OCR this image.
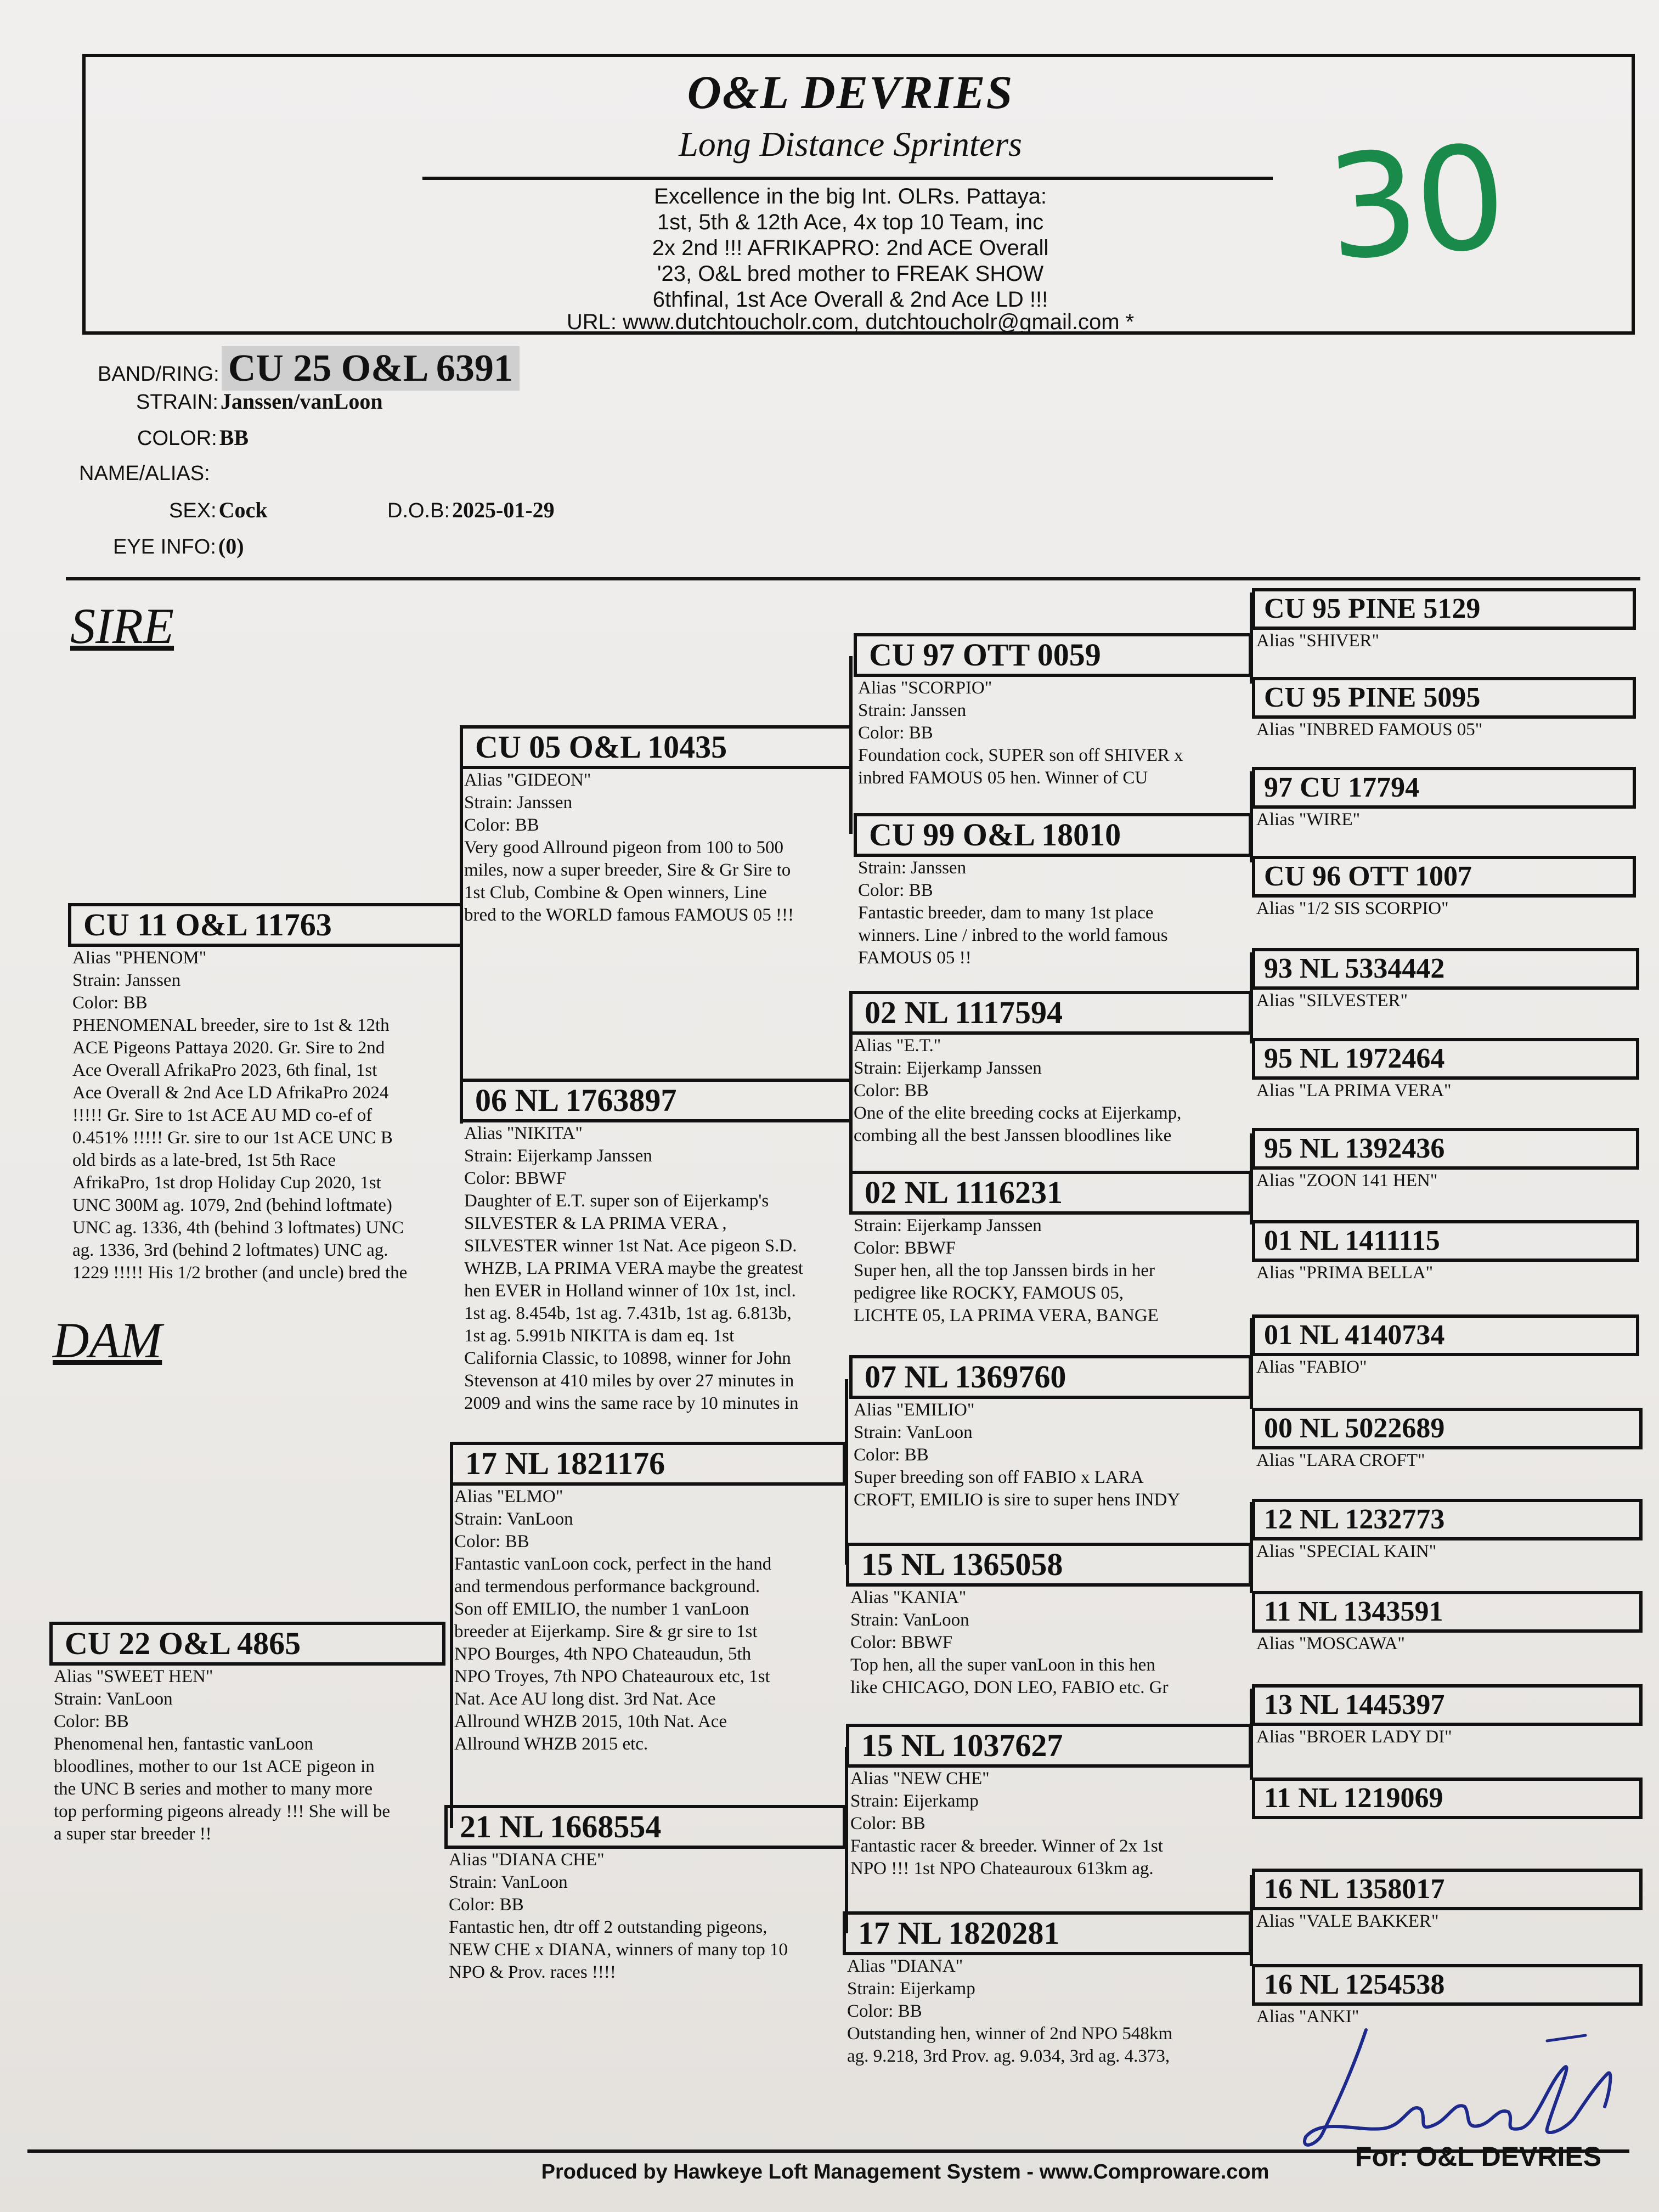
O&L DEVRIES
Long Distance Sprinters
Excellence in the big Int. OLRs. Pattaya:
1st, 5th & 12th Ace, 4x top 10 Team, inc
2x 2nd !!! AFRIKAPRO: 2nd ACE Overall
'23, O&L bred mother to FREAK SHOW
6thfinal, 1st Ace Overall & 2nd Ace LD !!!
URL: www.dutchtoucholr.com, dutchtoucholr@gmail.com *
30
BAND/RING: CU 25 O&L 6391
STRAIN: Janssen/vanLoon
COLOR: BB
NAME/ALIAS:
SEX: Cock	D.O.B: 2025-01-29
EYE INFO: (0)
SIRE
DAM
CU 11 O&L 11763
Alias "PHENOM"
Strain: Janssen
Color: BB
PHENOMENAL breeder, sire to 1st & 12th
ACE Pigeons Pattaya 2020. Gr. Sire to 2nd
Ace Overall AfrikaPro 2023, 6th final, 1st
Ace Overall & 2nd Ace LD AfrikaPro 2024
!!!!! Gr. Sire to 1st ACE AU MD co-ef of
0.451% !!!!! Gr. sire to our 1st ACE UNC B
old birds as a late-bred, 1st 5th Race
AfrikaPro, 1st drop Holiday Cup 2020, 1st
UNC 300M ag. 1079, 2nd (behind loftmate)
UNC ag. 1336, 4th (behind 3 loftmates) UNC
ag. 1336, 3rd (behind 2 loftmates) UNC ag.
1229 !!!!! His 1/2 brother (and uncle) bred the
CU 22 O&L 4865
Alias "SWEET HEN"
Strain: VanLoon
Color: BB
Phenomenal hen, fantastic vanLoon
bloodlines, mother to our 1st ACE pigeon in
the UNC B series and mother to many more
top performing pigeons already !!! She will be
a super star breeder !!
CU 05 O&L 10435
Alias "GIDEON"
Strain: Janssen
Color: BB
Very good Allround pigeon from 100 to 500
miles, now a super breeder, Sire & Gr Sire to
1st Club, Combine & Open winners, Line
bred to the WORLD famous FAMOUS 05 !!!
06 NL 1763897
Alias "NIKITA"
Strain: Eijerkamp Janssen
Color: BBWF
Daughter of E.T. super son of Eijerkamp's
SILVESTER & LA PRIMA VERA ,
SILVESTER winner 1st Nat. Ace pigeon S.D.
WHZB, LA PRIMA VERA maybe the greatest
hen EVER in Holland winner of 10x 1st, incl.
1st ag. 8.454b, 1st ag. 7.431b, 1st ag. 6.813b,
1st ag. 5.991b NIKITA is dam eq. 1st
California Classic, to 10898, winner for John
Stevenson at 410 miles by over 27 minutes in
2009 and wins the same race by 10 minutes in
17 NL 1821176
Alias "ELMO"
Strain: VanLoon
Color: BB
Fantastic vanLoon cock, perfect in the hand
and termendous performance background.
Son off EMILIO, the number 1 vanLoon
breeder at Eijerkamp. Sire & gr sire to 1st
NPO Bourges, 4th NPO Chateaudun, 5th
NPO Troyes, 7th NPO Chateauroux etc, 1st
Nat. Ace AU long dist. 3rd Nat. Ace
Allround WHZB 2015, 10th Nat. Ace
Allround WHZB 2015 etc.
21 NL 1668554
Alias "DIANA CHE"
Strain: VanLoon
Color: BB
Fantastic hen, dtr off 2 outstanding pigeons,
NEW CHE x DIANA, winners of many top 10
NPO & Prov. races !!!!
CU 97 OTT 0059
Alias "SCORPIO"
Strain: Janssen
Color: BB
Foundation cock, SUPER son off SHIVER x
inbred FAMOUS 05 hen. Winner of CU
CU 99 O&L 18010
Strain: Janssen
Color: BB
Fantastic breeder, dam to many 1st place
winners. Line / inbred to the world famous
FAMOUS 05 !!
02 NL 1117594
Alias "E.T."
Strain: Eijerkamp Janssen
Color: BB
One of the elite breeding cocks at Eijerkamp,
combing all the best Janssen bloodlines like
02 NL 1116231
Strain: Eijerkamp Janssen
Color: BBWF
Super hen, all the top Janssen birds in her
pedigree like ROCKY, FAMOUS 05,
LICHTE 05, LA PRIMA VERA, BANGE
07 NL 1369760
Alias "EMILIO"
Strain: VanLoon
Color: BB
Super breeding son off FABIO x LARA
CROFT, EMILIO is sire to super hens INDY
15 NL 1365058
Alias "KANIA"
Strain: VanLoon
Color: BBWF
Top hen, all the super vanLoon in this hen
like CHICAGO, DON LEO, FABIO etc. Gr
15 NL 1037627
Alias "NEW CHE"
Strain: Eijerkamp
Color: BB
Fantastic racer & breeder. Winner of 2x 1st
NPO !!! 1st NPO Chateauroux 613km ag.
17 NL 1820281
Alias "DIANA"
Strain: Eijerkamp
Color: BB
Outstanding hen, winner of 2nd NPO 548km
ag. 9.218, 3rd Prov. ag. 9.034, 3rd ag. 4.373,
CU 95 PINE 5129
Alias "SHIVER"
CU 95 PINE 5095
Alias "INBRED FAMOUS 05"
97 CU 17794
Alias "WIRE"
CU 96 OTT 1007
Alias "1/2 SIS SCORPIO"
93 NL 5334442
Alias "SILVESTER"
95 NL 1972464
Alias "LA PRIMA VERA"
95 NL 1392436
Alias "ZOON 141 HEN"
01 NL 1411115
Alias "PRIMA BELLA"
01 NL 4140734
Alias "FABIO"
00 NL 5022689
Alias "LARA CROFT"
12 NL 1232773
Alias "SPECIAL KAIN"
11 NL 1343591
Alias "MOSCAWA"
13 NL 1445397
Alias "BROER LADY DI"
11 NL 1219069
16 NL 1358017
Alias "VALE BAKKER"
16 NL 1254538
Alias "ANKI"
For: O&L DEVRIES
Produced by Hawkeye Loft Management System - www.Comproware.com
